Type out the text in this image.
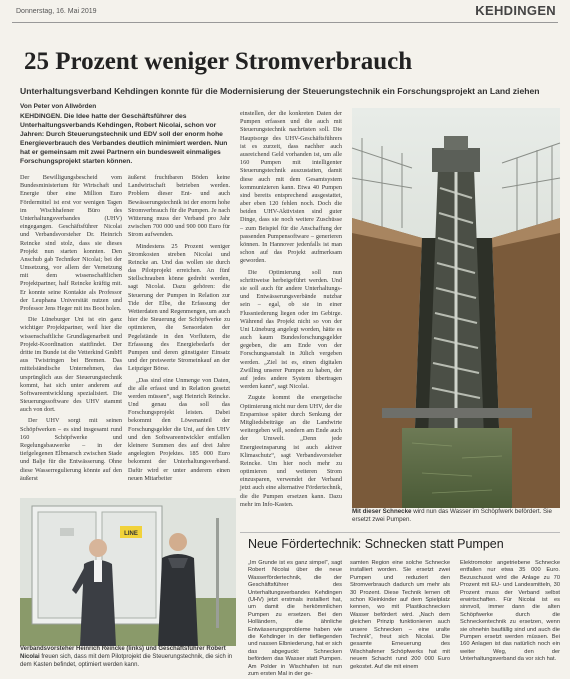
Donnerstag, 16. Mai 2019	KEHDINGEN
25 Prozent weniger Stromverbrauch
Unterhaltungsverband Kehdingen konnte für die Modernisierung der Steuerungstechnik ein Forschungsprojekt an Land ziehen
Von Peter von Allwörden
KEHDINGEN. Die Idee hatte der Geschäftsführer des Unterhaltungsverbands Kehdingen, Robert Nicolai, schon vor Jahren: Durch Steuerungstechnik und EDV soll der enorm hohe Energieverbrauch des Verbandes deutlich minimiert werden. Nun hat er gemeinsam mit zwei Partnern ein bundesweit einmaliges Forschungsprojekt starten können.

Der Bewilligungsbescheid vom Bundesministerium für Wirtschaft und Energie über eine Million Euro Fördermittel ist erst vor wenigen Tagen im Wischhafener Büro des Unterhaltungsverbandes (UHV) eingegangen. Geschäftsführer Nicolai und Verbandsvorsteher Dr. Heinrich Reincke sind stolz, dass sie dieses Projekt nun starten konnten. Den Anschub gab Techniker Nicolai; bei der Umsetzung, vor allem der Vernetzung mit dem wissenschaftlichen Projektpartner, half Reincke kräftig mit. Er konnte seine Kontakte als Professor der Leuphana Universität nutzen und Professor Jens Heger mit ins Boot holen.

Die Lüneburger Uni ist ein ganz wichtiger Projektpartner, weil hier die wissenschaftliche Grundlagenarbeit und Projekt-Koordination stattfindet. Der dritte im Bunde ist die Vetterkind GmbH aus Twistringen bei Bremen. Das mittelständische Unternehmen, das ursprünglich aus der Steuerungstechnik kommt, hat sich unter anderem auf Softwareentwicklung spezialisiert. Die Steuerungssoftware des UHV stammt auch von dort.

Der UHV sorgt mit seinen Schöpfwerken – es sind insgesamt rund 160 Schöpfwerke und Regelungsbauwerke – in der tiefgelegenen Elbmarsch zwischen Stade und Balje für die Entwässerung. Ohne diese Wasserregulierung könnte auf den äußerst

äußerst fruchtbaren Böden keine Landwirtschaft betrieben werden. Problem dieser Ent- und auch Bewässerungstechnik ist der enorm hohe Stromverbrauch für die Pumpen. Je nach Witterung muss der Verband pro Jahr zwischen 700 000 und 900 000 Euro für Strom aufwenden.

Mindestens 25 Prozent weniger Stromkosten streben Nicolai und Reincke an. Und das wollen sie durch das Pilotprojekt erreichen. An fünf Stellschrauben könne gedreht werden, sagt Nicolai. Dazu gehören: die Steuerung der Pumpen in Relation zur Tide der Elbe, die Erfassung der Wetterdaten und Regenmengen, um auch hier die Steuerung der Schöpfwerke zu optimieren, die Sensordaten der Pegelstände in den Vorflutern, die Erfassung des Energiebedarfs der Pumpen und deren günstigster Einsatz und der preiswerte Stromeinkauf an der Leipziger Börse.

„Das sind eine Unmenge von Daten, die alle erfasst und in Relation gesetzt werden müssen“, sagt Heinrich Reincke. Und genau das soll das Forschungsprojekt leisten. Dabei bekommt den Löwenanteil der Forschungsgelder die Uni, auf den UHV und den Softwareentwickler entfallen kleinere Summen des auf drei Jahre angelegten Projektes. 185 000 Euro bekommt der Unterhaltungsverband. Dafür wird er unter anderem einen neuen Mitarbeiter

einstellen, der die konkreten Daten der Pumpen erfassen und die auch mit Steuerungstechnik nachrüsten soll. Die Hauptsorge des UHV-Geschäftsführers ist es zurzeit, dass nachher auch ausreichend Geld vorhanden ist, um alle 160 Pumpen mit intelligenter Steuerungstechnik auszustatten, damit diese auch mit dem Gesamtsystem kommunizieren kann. Etwa 40 Pumpen sind bereits entsprechend ausgestattet, aber eben 120 fehlen noch. Doch die beiden UHV-Aktivisten sind guter Dinge, dass sie noch weitere Zuschüsse – zum Beispiel für die Anschaffung der passenden Pumpensoftware – generieren können. In Hannover jedenfalls ist man schon auf das Projekt aufmerksam geworden.

Die Optimierung soll nun schrittweise herbeigeführt werden. Und sie soll auch für andere Unterhaltungs- und Entwässerungsverbände nutzbar sein – egal, ob sie in einer Flussniederung liegen oder im Gebirge. Während das Projekt nicht so von der Uni Lüneburg angelegt worden, hätte es auch kaum Bundesforschungsgelder gegeben, die am Ende von der Forschungsanstalt in Jülich vergeben werden. „Ziel ist es, einen digitalen Zwilling unserer Pumpen zu haben, der auf jedes andere System übertragen werden kann“, sagt Nicolai.

Zugute kommt die energetische Optimierung nicht nur dem UHV, der die Ersparnisse später durch Senkung der Mitgliedsbeiträge an die Landwirte weitergeben will, sondern am Ende auch der Umwelt. „Denn jede Energieeinsparung ist auch aktiver Klimaschutz“, sagt Verbandsvorsteher Reincke. Um hier noch mehr zu optimieren und weiteren Strom einzusparen, verwendet der Verband jetzt auch eine alternative Fördertechnik, die die Pumpen ersetzen kann. Dazu mehr im Info-Kasten.

Mit dieser Schnecke wird nun das Wasser im Schöpfwerk befördert. Sie ersetzt zwei Pumpen.
LINE
Verbandsvorsteher Heinrich Reincke (links) und Geschäftsführer Robert Nicolai freuen sich, dass mit dem Pilotprojekt die Steuerungstechnik, die sich in dem Kasten befindet, optimiert werden kann.
Neue Fördertechnik: Schnecken statt Pumpen
„Im Grunde ist es ganz simpel“, sagt Robert Nicolai über die neue Wasserfördertechnik, die der Geschäftsführer des Unterhaltungsverbandes Kehdingen (UHV) jetzt erstmals installiert hat, um damit die herkömmlichen Pumpen zu ersetzen. Bei den Holländern, die ähnliche Entwässerungsprobleme haben wie die Kehdinger in der tiefliegenden und nassen Elbniederung, hat er sich das abgeguckt: Schnecken befördern das Wasser statt Pumpen. Am Polder in Wischhafen ist nun zum ersten Mal in der ge-
samten Region eine solche Schnecke installiert worden. Sie ersetzt zwei Pumpen und reduziert den Stromverbrauch dadurch um mehr als 30 Prozent. Diese Technik lernen oft schon Kleinkinder auf dem Spielplatz kennen, wo mit Plastikschnecken Wasser befördert wird. „Nach dem gleichen Prinzip funktionieren auch unsere Schnecken – eine uralte Technik“, freut sich Nicolai. Die gesamte Erneuerung des Wischhafener Schöpfwerks hat mit neuem Schacht rund 200 000 Euro gekostet. Auf die mit einem
Elektromotor angetriebene Schnecke entfallen nur etwa 35 000 Euro. Bezuschusst wird die Anlage zu 70 Prozent mit EU- und Landesmitteln, 30 Prozent muss der Verband selbst erwirtschaften. Für Nicolai ist es sinnvoll, immer dann die alten Schöpfwerke durch die Schneckentechnik zu ersetzen, wenn sie ohnehin baufällig sind und auch die Pumpen ersetzt werden müssen. Bei 160 Anlagen ist das natürlich noch ein weiter Weg, den der Unterhaltungsverband da vor sich hat.
